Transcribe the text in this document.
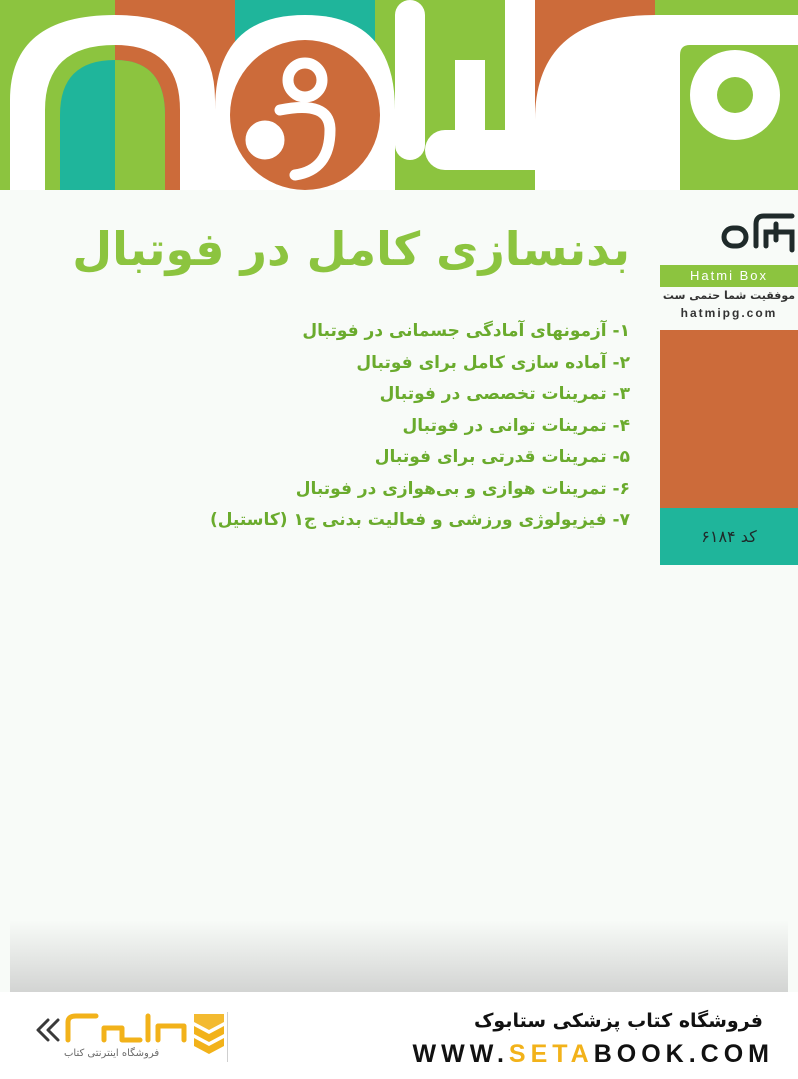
بدنسازی کامل در فوتبال
۱- آزمونهای آمادگی جسمانی در فوتبال
۲- آماده سازی کامل برای فوتبال
۳- تمرینات تخصصی در فوتبال
۴- تمرینات توانی در فوتبال
۵- تمرینات قدرتی برای فوتبال
۶- تمرینات هوازی و بی‌هوازی در فوتبال
۷- فیزیولوژی ورزشی و فعالیت بدنی ج۱ (کاستیل)
Hatmi Box
موفقیت شما حتمی ست
hatmipg.com
کد ۶۱۸۴
فروشگاه اینترنتی کتاب
فروشگاه کتاب پزشکی ستابوک
WWW.SETABOOK.COM
